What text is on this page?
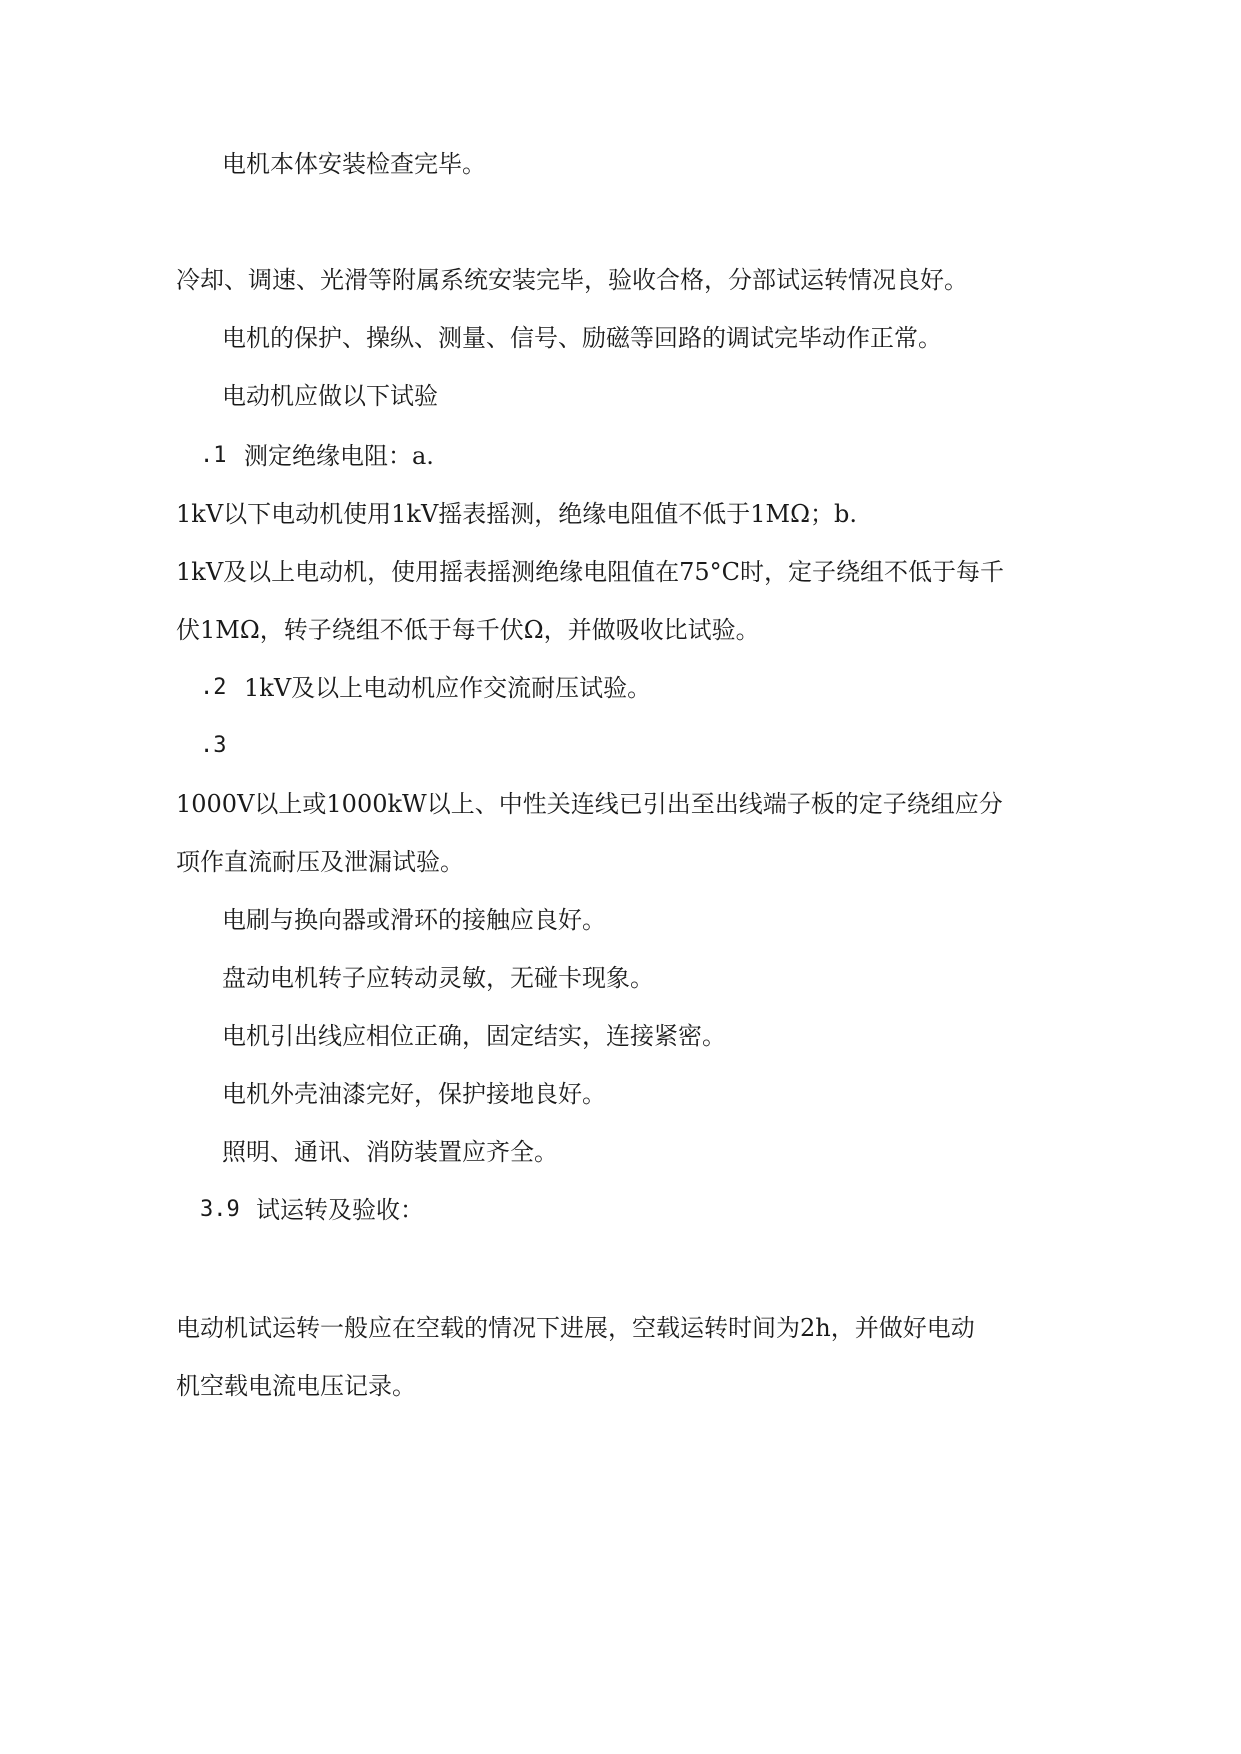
电机本体安装检查完毕。
冷却、调速、光滑等附属系统安装完毕，验收合格，分部试运转情况良好。
电机的保护、操纵、测量、信号、励磁等回路的调试完毕动作正常。
电动机应做以下试验
.1 测定绝缘电阻：a.
1kV以下电动机使用1kV摇表摇测，绝缘电阻值不低于1MΩ；b.
1kV及以上电动机，使用摇表摇测绝缘电阻值在75°C时，定子绕组不低于每千
伏1MΩ，转子绕组不低于每千伏Ω，并做吸收比试验。
.2 1kV及以上电动机应作交流耐压试验。
.3
1000V以上或1000kW以上、中性关连线已引出至出线端子板的定子绕组应分
项作直流耐压及泄漏试验。
电刷与换向器或滑环的接触应良好。
盘动电机转子应转动灵敏，无碰卡现象。
电机引出线应相位正确，固定结实，连接紧密。
电机外壳油漆完好，保护接地良好。
照明、通讯、消防装置应齐全。
3.9 试运转及验收：
电动机试运转一般应在空载的情况下进展，空载运转时间为2h，并做好电动
机空载电流电压记录。
